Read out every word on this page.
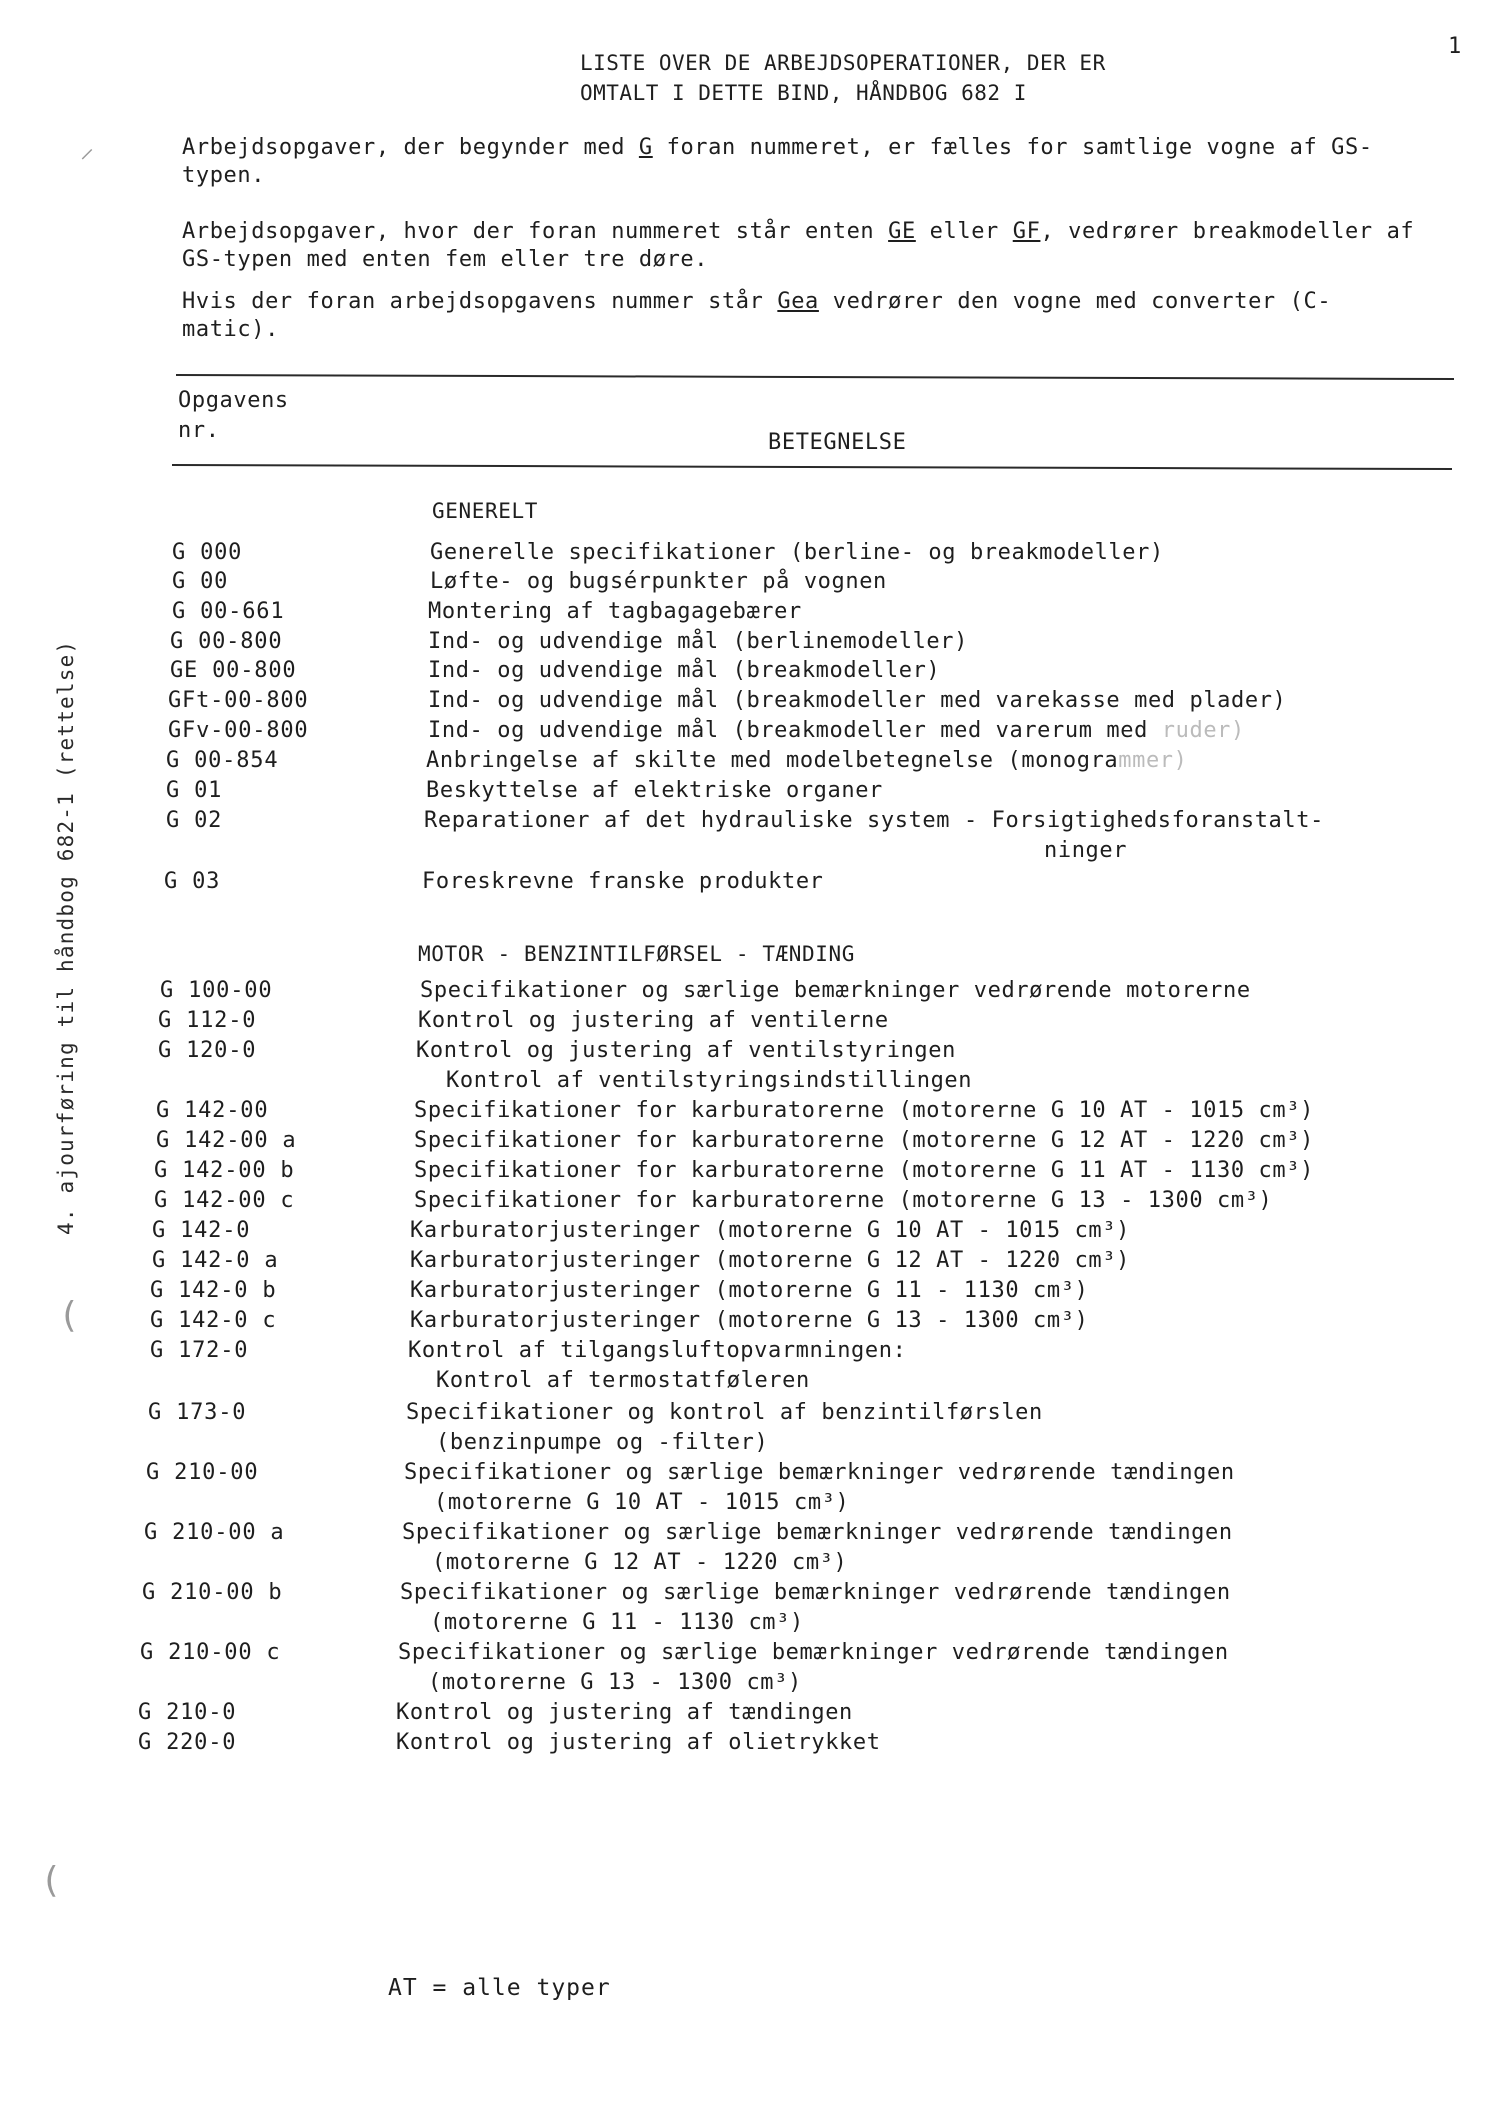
1
LISTE OVER DE ARBEJDSOPERATIONER, DER ER
OMTALT I DETTE BIND, HÅNDBOG 682 I
Arbejdsopgaver, der begynder med G foran nummeret, er fælles for samtlige vogne af GS-typen.
Arbejdsopgaver, hvor der foran nummeret står enten GE eller GF, vedrører breakmodeller af GS-typen med enten fem eller tre døre.
Hvis der foran arbejdsopgavens nummer står Gea vedrører den vogne med converter (C-matic).
Opgavens
nr.	BETEGNELSE
GENERELT
MOTOR - BENZINTILFØRSEL - TÆNDING
G 000	Generelle specifikationer (berline- og breakmodeller)
G 00	Løfte- og bugsérpunkter på vognen
G 00-661	Montering af tagbagagebærer
G 00-800	Ind- og udvendige mål (berlinemodeller)
GE 00-800	Ind- og udvendige mål (breakmodeller)
GFt-00-800	Ind- og udvendige mål (breakmodeller med varekasse med plader)
GFv-00-800	Ind- og udvendige mål (breakmodeller med varerum med ruder)
G 00-854	Anbringelse af skilte med modelbetegnelse (monogrammer)
G 01	Beskyttelse af elektriske organer
G 02	Reparationer af det hydrauliske system - Forsigtighedsforanstalt-
ninger
G 03	Foreskrevne franske produkter
G 100-00	Specifikationer og særlige bemærkninger vedrørende motorerne
G 112-0	Kontrol og justering af ventilerne
G 120-0	Kontrol og justering af ventilstyringen
Kontrol af ventilstyringsindstillingen
G 142-00	Specifikationer for karburatorerne (motorerne G 10 AT - 1015 cm³)
G 142-00 a	Specifikationer for karburatorerne (motorerne G 12 AT - 1220 cm³)
G 142-00 b	Specifikationer for karburatorerne (motorerne G 11 AT - 1130 cm³)
G 142-00 c	Specifikationer for karburatorerne (motorerne G 13 - 1300 cm³)
G 142-0	Karburatorjusteringer (motorerne G 10 AT - 1015 cm³)
G 142-0 a	Karburatorjusteringer (motorerne G 12 AT - 1220 cm³)
G 142-0 b	Karburatorjusteringer (motorerne G 11 - 1130 cm³)
G 142-0 c	Karburatorjusteringer (motorerne G 13 - 1300 cm³)
G 172-0	Kontrol af tilgangsluftopvarmningen:
Kontrol af termostatføleren
G 173-0	Specifikationer og kontrol af benzintilførslen
(benzinpumpe og -filter)
G 210-00	Specifikationer og særlige bemærkninger vedrørende tændingen
(motorerne G 10 AT - 1015 cm³)
G 210-00 a	Specifikationer og særlige bemærkninger vedrørende tændingen
(motorerne G 12 AT - 1220 cm³)
G 210-00 b	Specifikationer og særlige bemærkninger vedrørende tændingen
(motorerne G 11 - 1130 cm³)
G 210-00 c	Specifikationer og særlige bemærkninger vedrørende tændingen
(motorerne G 13 - 1300 cm³)
G 210-0	Kontrol og justering af tændingen
G 220-0	Kontrol og justering af olietrykket
4. ajourføring til håndbog 682-1 (rettelse)
AT = alle typer
⸍
(
(
